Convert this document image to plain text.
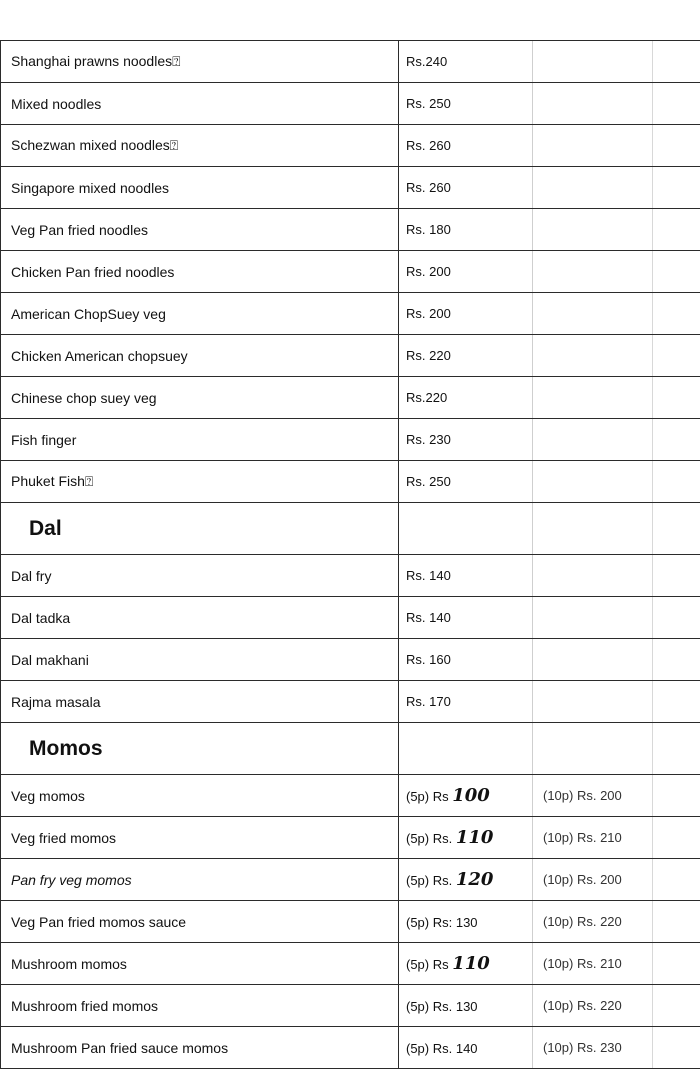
Shanghai prawns noodles⍰	Rs.240		
Mixed noodles	Rs. 250		
Schezwan mixed noodles⍰	Rs. 260		
Singapore mixed noodles	Rs. 260		
Veg Pan fried noodles	Rs. 180		
Chicken Pan fried noodles	Rs. 200		
American ChopSuey veg	Rs. 200		
Chicken American chopsuey	Rs. 220		
Chinese chop suey veg	Rs.220		
Fish finger	Rs. 230		
Phuket Fish⍰	Rs. 250		
Dal			
Dal fry	Rs. 140		
Dal tadka	Rs. 140		
Dal makhani	Rs. 160		
Rajma masala	Rs. 170		
Momos			
Veg momos	(5p) Rs 100	(10p) Rs. 200	
Veg fried momos	(5p) Rs. 110	(10p) Rs. 210	
Pan fry veg momos	(5p) Rs. 120	(10p) Rs. 200	
Veg Pan fried momos sauce	(5p) Rs: 130	(10p) Rs. 220	
Mushroom momos	(5p) Rs 110	(10p) Rs. 210	
Mushroom fried momos	(5p) Rs. 130	(10p) Rs. 220	
Mushroom Pan fried sauce momos	(5p) Rs. 140	(10p) Rs. 230	
